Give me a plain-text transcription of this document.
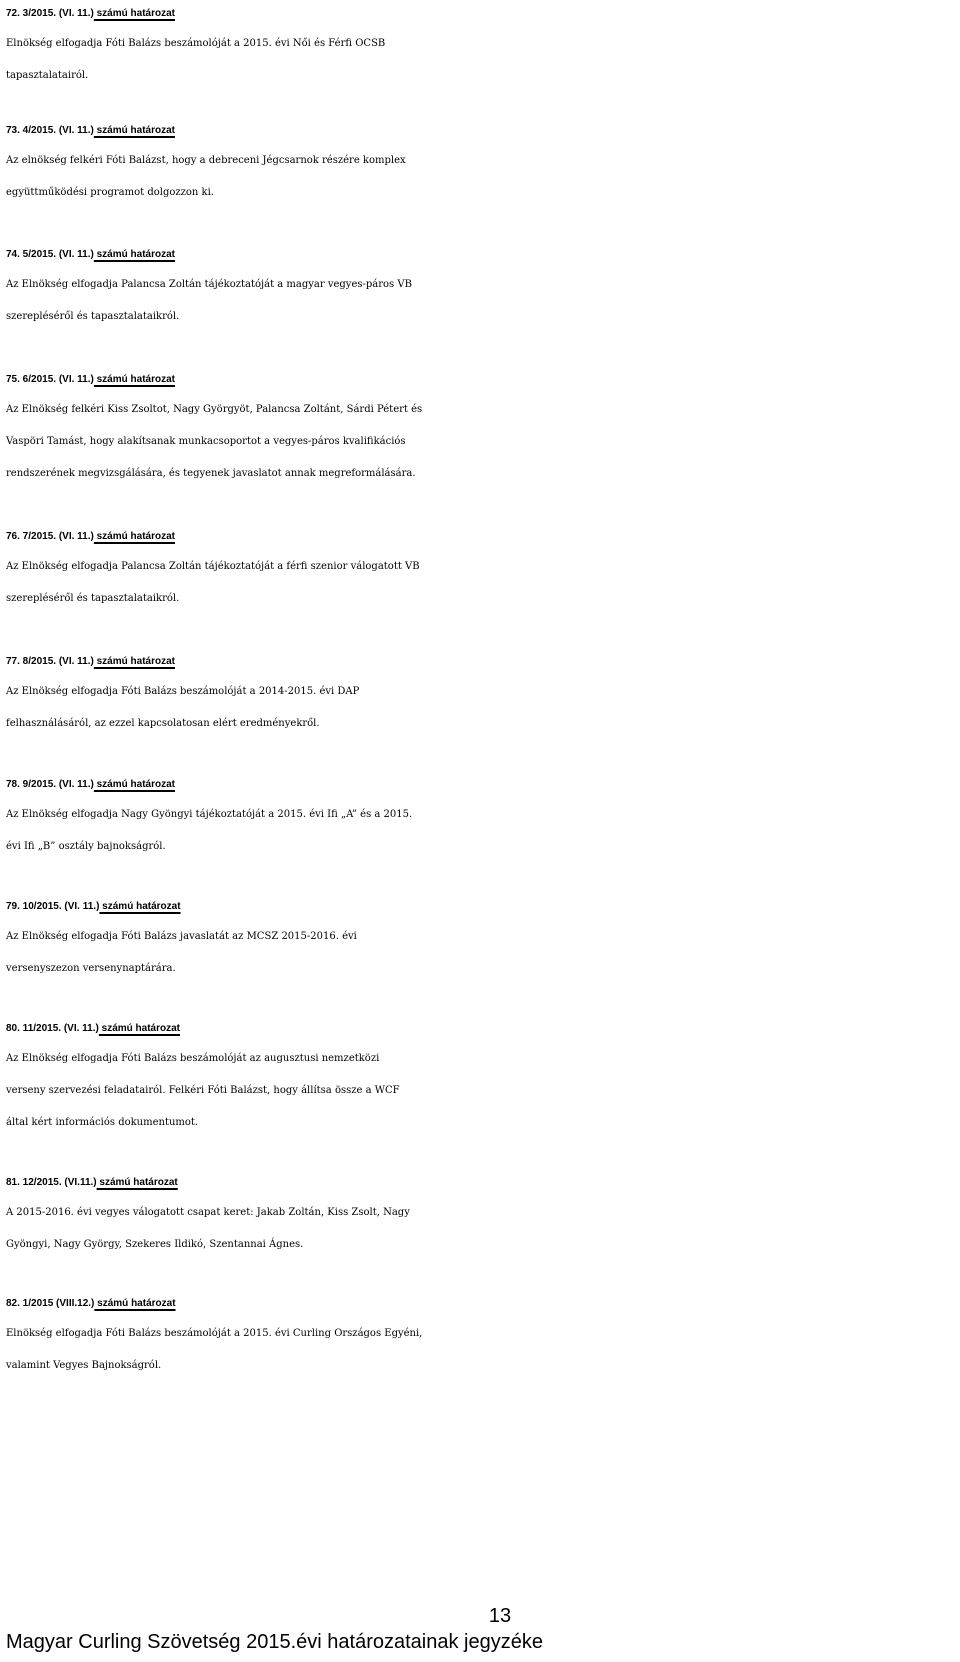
72. 3/2015. (VI. 11.) számú határozat
Elnökség elfogadja Fóti Balázs beszámolóját a 2015. évi Női és Férfi OCSB
tapasztalatairól.
73. 4/2015. (VI. 11.) számú határozat
Az elnökség felkéri Fóti Balázst, hogy a debreceni Jégcsarnok részére komplex
együttműködési programot dolgozzon ki.
74. 5/2015. (VI. 11.) számú határozat
Az Elnökség elfogadja Palancsa Zoltán tájékoztatóját a magyar vegyes-páros VB
szerepléséről és tapasztalataikról.
75. 6/2015. (VI. 11.) számú határozat
Az Elnökség felkéri Kiss Zsoltot, Nagy Györgyöt, Palancsa Zoltánt, Sárdi Pétert és
Vaspöri Tamást, hogy alakítsanak munkacsoportot a vegyes-páros kvalifikációs
rendszerének megvizsgálására, és tegyenek javaslatot annak megreformálására.
76. 7/2015. (VI. 11.) számú határozat
Az Elnökség elfogadja Palancsa Zoltán tájékoztatóját a férfi szenior válogatott VB
szerepléséről és tapasztalataikról.
77. 8/2015. (VI. 11.) számú határozat
Az Elnökség elfogadja Fóti Balázs beszámolóját a 2014-2015. évi DAP
felhasználásáról, az ezzel kapcsolatosan elért eredményekről.
78. 9/2015. (VI. 11.) számú határozat
Az Elnökség elfogadja Nagy Gyöngyi tájékoztatóját a 2015. évi Ifi „A” és a 2015.
évi Ifi „B” osztály bajnokságról.
79. 10/2015. (VI. 11.) számú határozat
Az Elnökség elfogadja Fóti Balázs javaslatát az MCSZ 2015-2016. évi
versenyszezon versenynaptárára.
80. 11/2015. (VI. 11.) számú határozat
Az Elnökség elfogadja Fóti Balázs beszámolóját az augusztusi nemzetközi
verseny szervezési feladatairól. Felkéri Fóti Balázst, hogy állítsa össze a WCF
által kért információs dokumentumot.
81. 12/2015. (VI.11.) számú határozat
A 2015-2016. évi vegyes válogatott csapat keret: Jakab Zoltán, Kiss Zsolt, Nagy
Gyöngyi, Nagy György, Szekeres Ildikó, Szentannai Ágnes.
82. 1/2015 (VIII.12.) számú határozat
Elnökség elfogadja Fóti Balázs beszámolóját a 2015. évi Curling Országos Egyéni,
valamint Vegyes Bajnokságról.
13
Magyar Curling Szövetség 2015.évi határozatainak jegyzéke
